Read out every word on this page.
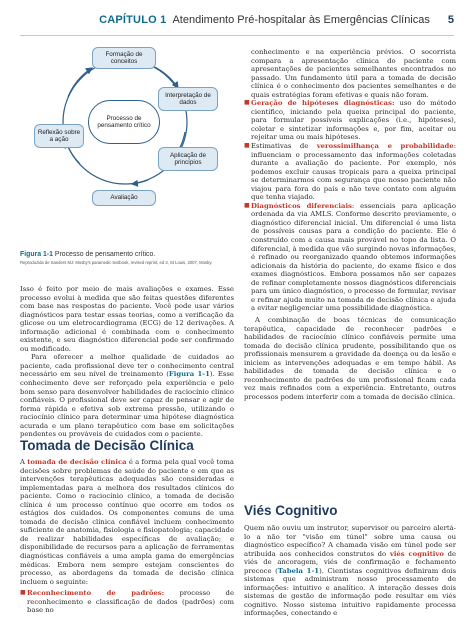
CAPÍTULO 1 Atendimento Pré-hospitalar às Emergências Clínicas 5
Processo de pensamento crítico
Formação de conceitos
Interpretação de dados
Aplicação de princípios
Avaliação
Reflexão sobre a ação
Figura 1-1 Processo de pensamento crítico.
Reproduzida de Sanders MJ: Mosby's paramedic textbook, revised reprint, ed 3, St Louis, 2007, Mosby.

Isso é feito por meio de mais avaliações e exames. Esse processo evolui à medida que são feitas questões diferentes com base nas respostas do paciente. Você pode usar vários diagnósticos para testar essas teorias, como a verificação da glicose ou um eletrocardiograma (ECG) de 12 derivações. A informação adicional é combinada com o conhecimento existente, e seu diagnóstico diferencial pode ser confirmado ou modificado.

Para oferecer a melhor qualidade de cuidados ao paciente, cada profissional deve ter o conhecimento central necessário em seu nível de treinamento (Figura 1-1). Esse conhecimento deve ser reforçado pela experiência e pelo bom senso para desenvolver habilidades de raciocínio clínico confiáveis. O profissional deve ser capaz de pensar e agir de forma rápida e efetiva sob extrema pressão, utilizando o raciocínio clínico para determinar uma hipótese diagnóstica acurada e um plano terapêutico com base em solicitações pendentes ou prováveis de cuidados com o paciente.

Tomada de Decisão Clínica

A tomada de decisão clínica é a forma pela qual você toma decisões sobre problemas de saúde do paciente e em que as intervenções terapêuticas adequadas são consideradas e implementadas para a melhora dos resultados clínicos do paciente. Como o raciocínio clínico, a tomada de decisão clínica é um processo contínuo que ocorre em todos os estágios dos cuidados. Os componentes comuns de uma tomada de decisão clínica confiável incluem conhecimento suficiente de anatomia, fisiologia e fisiopatologia; capacidade de realizar habilidades específicas de avaliação; e disponibilidade de recursos para a aplicação de ferramentas diagnósticas confiáveis a uma ampla gama de emergências médicas. Embora nem sempre estejam conscientes do processo, as abordagens da tomada de decisão clínica incluem o seguinte:

■ Reconhecimento de padrões: processo de reconhecimento e classificação de dados (padrões) com base no

conhecimento e na experiência prévios. O socorrista compara a apresentação clínica do paciente com apresentações de pacientes semelhantes encontrados no passado. Um fundamento útil para a tomada de decisão clínica é o conhecimento dos pacientes semelhantes e de quais estratégias foram efetivas e quais não foram.

■ Geração de hipóteses diagnósticas: uso do método científico, iniciando pela queixa principal do paciente, para formular possíveis explicações (i.e., hipóteses), coletar e sintetizar informações e, por fim, aceitar ou rejeitar uma ou mais hipóteses.
■ Estimativas de verossimilhança e probabilidade: influenciam o processamento das informações coletadas durante a avaliação do paciente. Por exemplo, nós podemos excluir causas tropicais para a queixa principal se determinarmos com segurança que nosso paciente não viajou para fora do país e não teve contato com alguém que tenha viajado.
■ Diagnósticos diferenciais: essenciais para aplicação ordenada da via AMLS. Conforme descrito previamente, o diagnóstico diferencial inicial. Um diferencial é uma lista de possíveis causas para a condição do paciente. Ele é construído com a causa mais provável no topo da lista. O diferencial, à medida que vão surgindo novas informações, é refinado ou reorganizado quando obtemos informações adicionais da história do paciente, do exame físico e dos exames diagnósticos. Embora possamos não ser capazes de refinar completamente nossos diagnósticos diferenciais para um único diagnóstico, o processo de formular, revisar e refinar ajuda muito na tomada de decisão clínica e ajuda a evitar negligenciar uma possibilidade diagnóstica.

A combinação de boas técnicas de comunicação terapêutica, capacidade de reconhecer padrões e habilidades de raciocínio clínico confiáveis permite uma tomada de decisão clínica prudente, possibilitando que os profissionais mensurem a gravidade da doença ou da lesão e iniciem as intervenções adequadas e em tempo hábil. As habilidades de tomada de decisão clínica e o reconhecimento de padrões de um profissional ficam cada vez mais refinados com a experiência. Entretanto, outros processos podem interferir com a tomada de decisão clínica.

Viés Cognitivo

Quem não ouviu um instrutor, supervisor ou parceiro alertá-lo a não ter "visão em túnel" sobre uma causa ou diagnóstico específico? A chamada visão em túnel pode ser atribuída aos conhecidos construtos do viés cognitivo de viés de ancoragem, viés de confirmação e fechamento precoce (Tabela 1-1). Cientistas cognitivos definiram dois sistemas que administram nosso processamento de informações: intuitivo e analítico. A interação desses dois sistemas de gestão de informação pode resultar em viés cognitivo. Nosso sistema intuitivo rapidamente processa informações, conectando e
